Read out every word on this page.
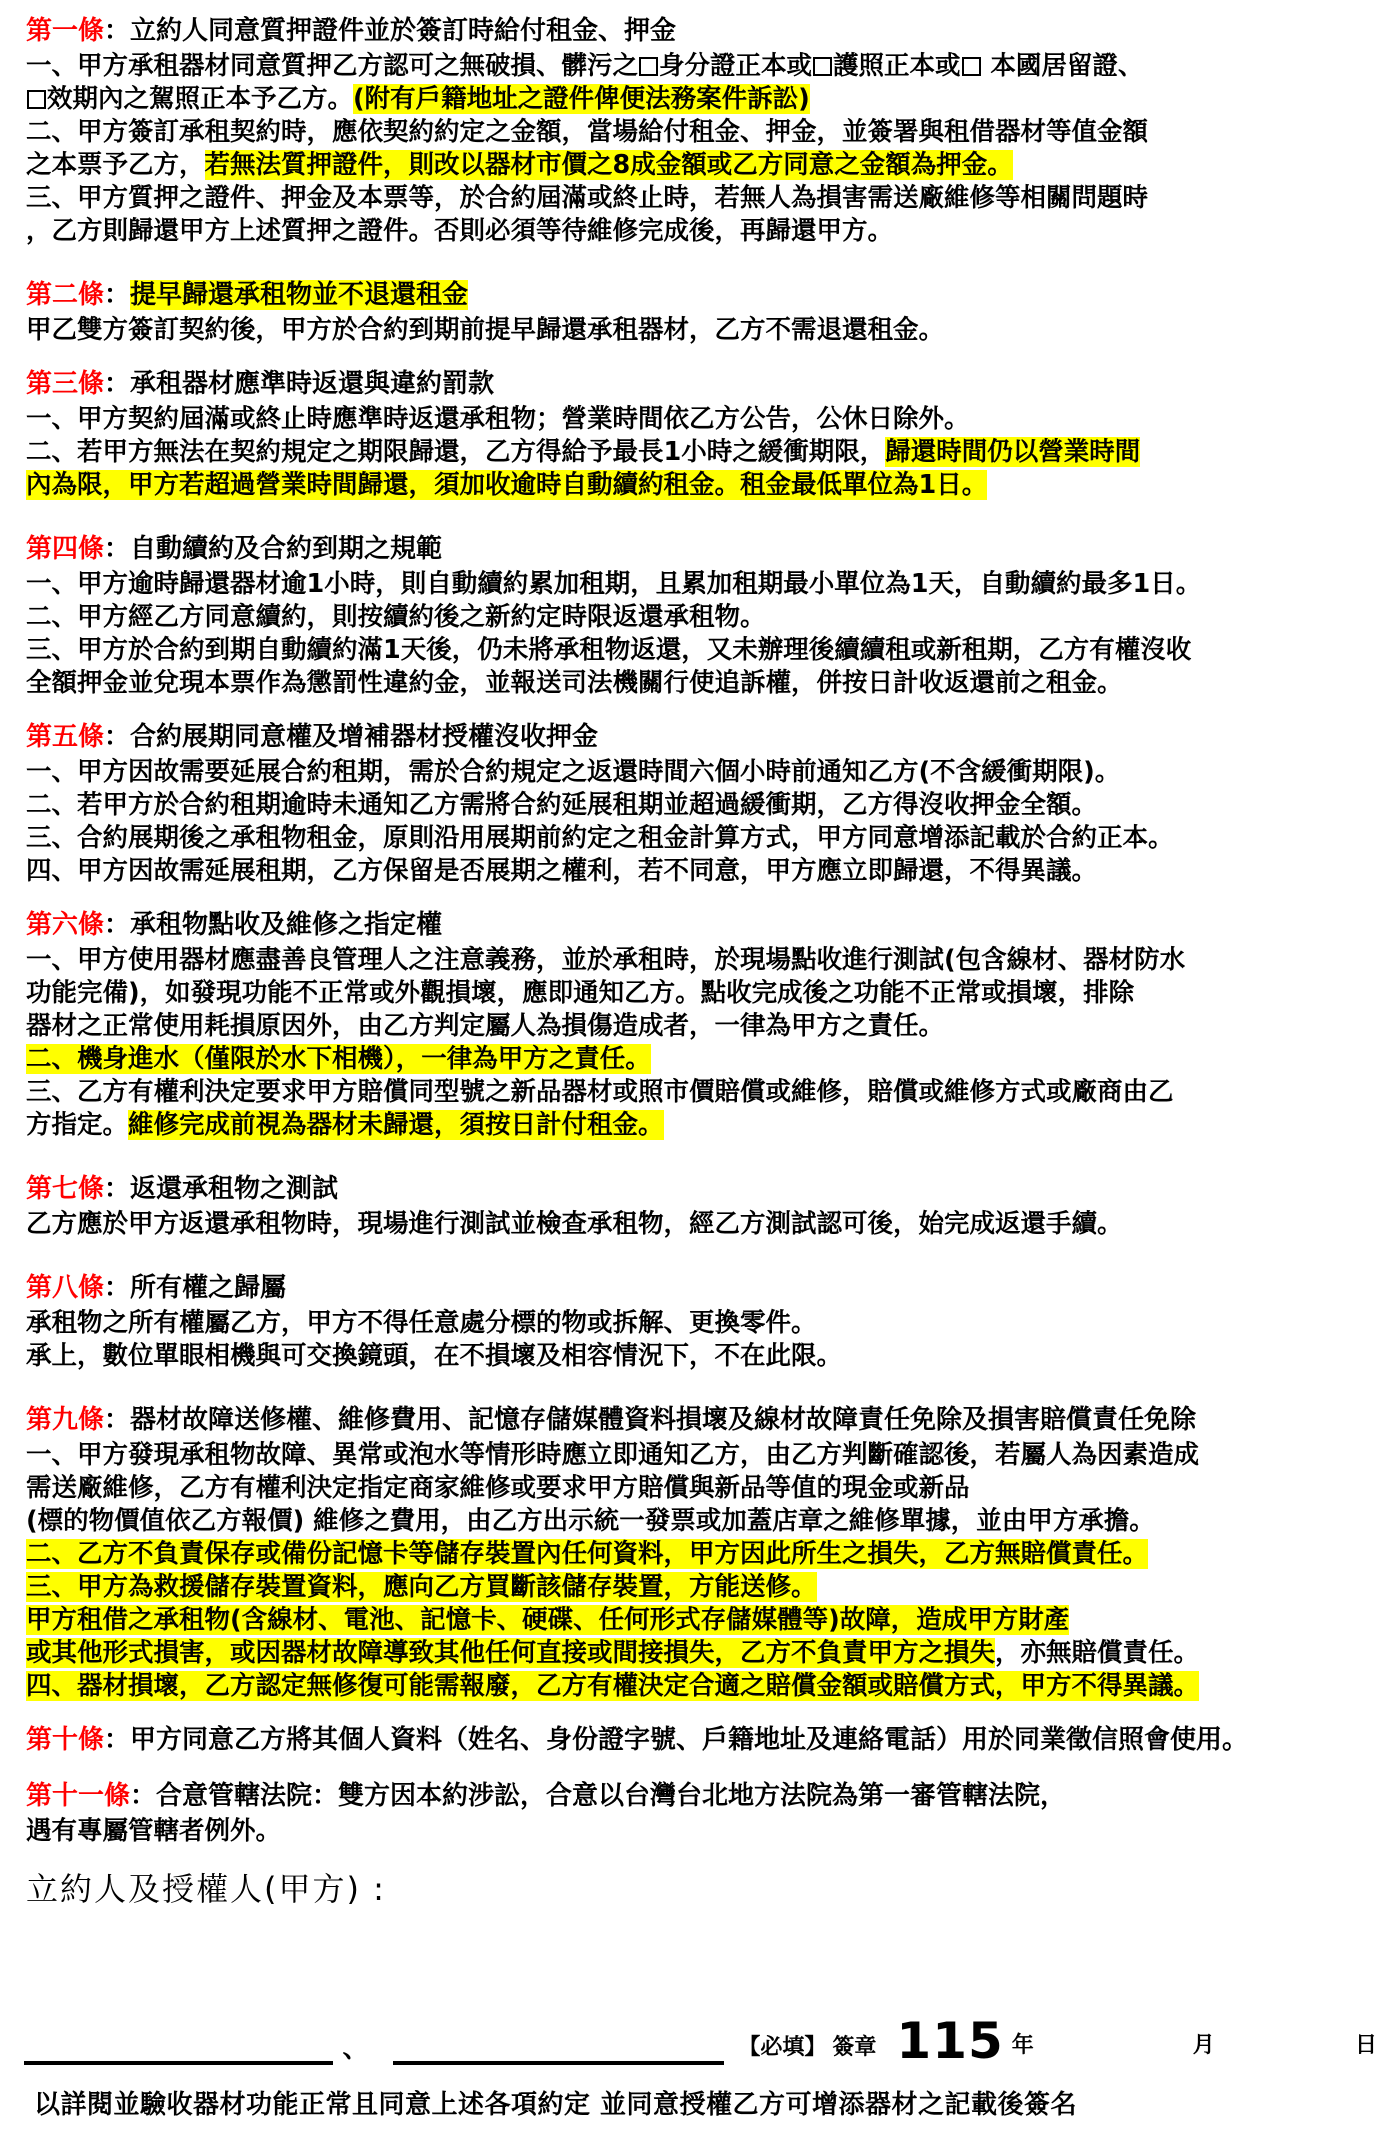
第一條：立約人同意質押證件並於簽訂時給付租金、押金
一、甲方承租器材同意質押乙方認可之無破損、髒污之 身分證正本或 護照正本或 本國居留證、
效期內之駕照正本予乙方。(附有戶籍地址之證件俾便法務案件訴訟)
二、甲方簽訂承租契約時，應依契約約定之金額，當場給付租金、押金，並簽署與租借器材等值金額
之本票予乙方，若無法質押證件，則改以器材市價之8成金額或乙方同意之金額為押金。
三、甲方質押之證件、押金及本票等，於合約屆滿或終止時，若無人為損害需送廠維修等相關問題時
，乙方則歸還甲方上述質押之證件。否則必須等待維修完成後，再歸還甲方。
第二條：提早歸還承租物並不退還租金
甲乙雙方簽訂契約後，甲方於合約到期前提早歸還承租器材，乙方不需退還租金。
第三條：承租器材應準時返還與違約罰款
一、甲方契約屆滿或終止時應準時返還承租物；營業時間依乙方公告，公休日除外。
二、若甲方無法在契約規定之期限歸還，乙方得給予最長1小時之緩衝期限，歸還時間仍以營業時間
內為限，甲方若超過營業時間歸還，須加收逾時自動續約租金。租金最低單位為1日。
第四條：自動續約及合約到期之規範
一、甲方逾時歸還器材逾1小時，則自動續約累加租期，且累加租期最小單位為1天，自動續約最多1日。
二、甲方經乙方同意續約，則按續約後之新約定時限返還承租物。
三、甲方於合約到期自動續約滿1天後，仍未將承租物返還，又未辦理後續續租或新租期，乙方有權沒收
全額押金並兌現本票作為懲罰性違約金，並報送司法機關行使追訴權，併按日計收返還前之租金。
第五條：合約展期同意權及增補器材授權沒收押金
一、甲方因故需要延展合約租期，需於合約規定之返還時間六個小時前通知乙方(不含緩衝期限)。
二、若甲方於合約租期逾時未通知乙方需將合約延展租期並超過緩衝期，乙方得沒收押金全額。
三、合約展期後之承租物租金，原則沿用展期前約定之租金計算方式，甲方同意增添記載於合約正本。
四、甲方因故需延展租期，乙方保留是否展期之權利，若不同意，甲方應立即歸還，不得異議。
第六條：承租物點收及維修之指定權
一、甲方使用器材應盡善良管理人之注意義務，並於承租時，於現場點收進行測試(包含線材、器材防水
功能完備)，如發現功能不正常或外觀損壞，應即通知乙方。點收完成後之功能不正常或損壞，排除
器材之正常使用耗損原因外，由乙方判定屬人為損傷造成者，一律為甲方之責任。
二、機身進水（僅限於水下相機），一律為甲方之責任。
三、乙方有權利決定要求甲方賠償同型號之新品器材或照市價賠償或維修，賠償或維修方式或廠商由乙
方指定。維修完成前視為器材未歸還，須按日計付租金。
第七條：返還承租物之測試
乙方應於甲方返還承租物時，現場進行測試並檢查承租物，經乙方測試認可後，始完成返還手續。
第八條：所有權之歸屬
承租物之所有權屬乙方，甲方不得任意處分標的物或拆解、更換零件。
承上，數位單眼相機與可交換鏡頭，在不損壞及相容情況下，不在此限。
第九條：器材故障送修權、維修費用、記憶存儲媒體資料損壞及線材故障責任免除及損害賠償責任免除
一、甲方發現承租物故障、異常或泡水等情形時應立即通知乙方，由乙方判斷確認後，若屬人為因素造成
需送廠維修，乙方有權利決定指定商家維修或要求甲方賠償與新品等值的現金或新品
(標的物價值依乙方報價) 維修之費用，由乙方出示統一發票或加蓋店章之維修單據，並由甲方承擔。
二、乙方不負責保存或備份記憶卡等儲存裝置內任何資料，甲方因此所生之損失，乙方無賠償責任。
三、甲方為救援儲存裝置資料，應向乙方買斷該儲存裝置，方能送修。
甲方租借之承租物(含線材、電池、記憶卡、硬碟、任何形式存儲媒體等)故障，造成甲方財產
或其他形式損害，或因器材故障導致其他任何直接或間接損失，乙方不負責甲方之損失，亦無賠償責任。
四、器材損壞，乙方認定無修復可能需報廢，乙方有權決定合適之賠償金額或賠償方式，甲方不得異議。
第十條：甲方同意乙方將其個人資料（姓名、身份證字號、戶籍地址及連絡電話）用於同業徵信照會使用。
第十一條：合意管轄法院：雙方因本約涉訟，合意以台灣台北地方法院為第一審管轄法院，
遇有專屬管轄者例外。
立約人及授權人(甲方) :
、	【必填】 簽章 115 年	月	日
以詳閱並驗收器材功能正常且同意上述各項約定 並同意授權乙方可增添器材之記載後簽名
